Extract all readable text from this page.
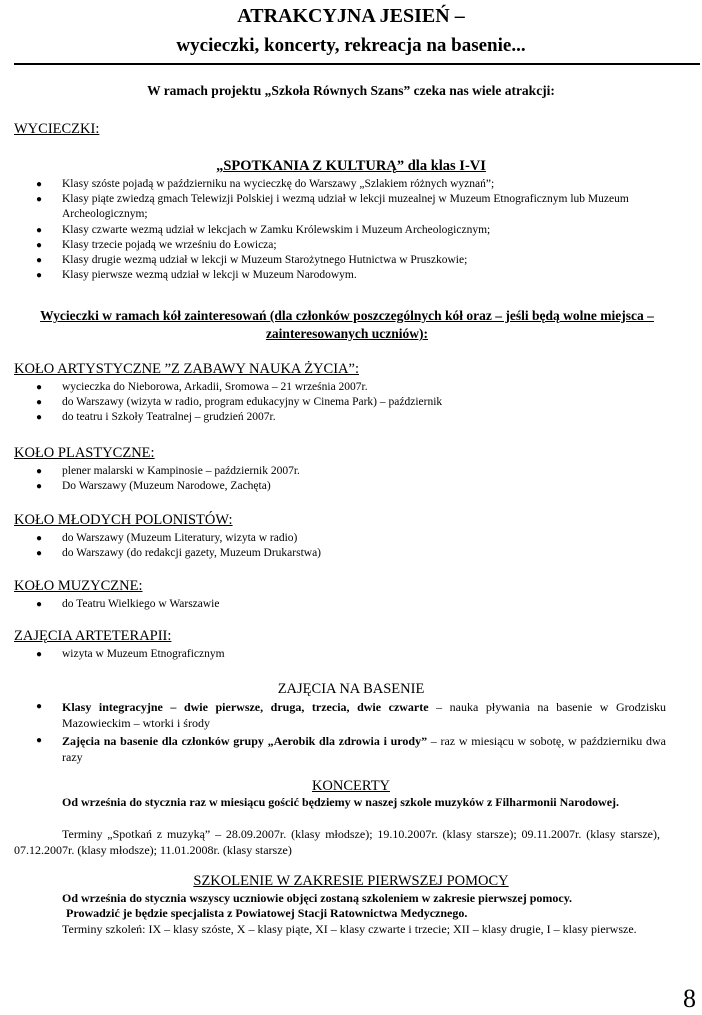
ATRAKCYJNA JESIEŃ –
wycieczki, koncerty, rekreacja na basenie...
W ramach projektu „Szkoła Równych Szans” czeka nas wiele atrakcji:
WYCIECZKI:
„SPOTKANIA Z KULTURĄ” dla klas I-VI
● Klasy szóste pojadą w październiku na wycieczkę do Warszawy „Szlakiem różnych wyznań”;
● Klasy piąte zwiedzą gmach Telewizji Polskiej i wezmą udział w lekcji muzealnej w Muzeum Etnograficznym lub Muzeum Archeologicznym;
● Klasy czwarte wezmą udział w lekcjach w Zamku Królewskim i Muzeum Archeologicznym;
● Klasy trzecie pojadą we wrześniu do Łowicza;
● Klasy drugie wezmą udział w lekcji w Muzeum Starożytnego Hutnictwa w Pruszkowie;
● Klasy pierwsze wezmą udział w lekcji w Muzeum Narodowym.
Wycieczki w ramach kół zainteresowań (dla członków poszczególnych kół oraz – jeśli będą wolne miejsca – zainteresowanych uczniów):
KOŁO ARTYSTYCZNE ”Z ZABAWY NAUKA ŻYCIA”:
● wycieczka do Nieborowa, Arkadii, Sromowa – 21 września 2007r.
● do Warszawy (wizyta w radio, program edukacyjny w Cinema Park) – październik
● do teatru i Szkoły Teatralnej – grudzień 2007r.
KOŁO PLASTYCZNE:
● plener malarski w Kampinosie – październik 2007r.
● Do Warszawy (Muzeum Narodowe, Zachęta)
KOŁO MŁODYCH POLONISTÓW:
● do Warszawy (Muzeum Literatury, wizyta w radio)
● do Warszawy (do redakcji gazety, Muzeum Drukarstwa)
KOŁO MUZYCZNE:
● do Teatru Wielkiego w Warszawie
ZAJĘCIA ARTETERAPII:
● wizyta w Muzeum Etnograficznym
ZAJĘCIA NA BASENIE
● Klasy integracyjne – dwie pierwsze, druga, trzecia, dwie czwarte – nauka pływania na basenie w Grodzisku Mazowieckim – wtorki i środy
● Zajęcia na basenie dla członków grupy „Aerobik dla zdrowia i urody” – raz w miesiącu w sobotę, w październiku dwa razy
KONCERTY
Od września do stycznia raz w miesiącu gościć będziemy w naszej szkole muzyków z Filharmonii Narodowej.
Terminy „Spotkań z muzyką” – 28.09.2007r. (klasy młodsze); 19.10.2007r. (klasy starsze); 09.11.2007r. (klasy starsze), 07.12.2007r. (klasy młodsze); 11.01.2008r. (klasy starsze)
SZKOLENIE W ZAKRESIE PIERWSZEJ POMOCY
Od września do stycznia wszyscy uczniowie objęci zostaną szkoleniem w zakresie pierwszej pomocy.
Prowadzić je będzie specjalista z Powiatowej Stacji Ratownictwa Medycznego.
Terminy szkoleń: IX – klasy szóste, X – klasy piąte, XI – klasy czwarte i trzecie; XII – klasy drugie, I – klasy pierwsze.
8
